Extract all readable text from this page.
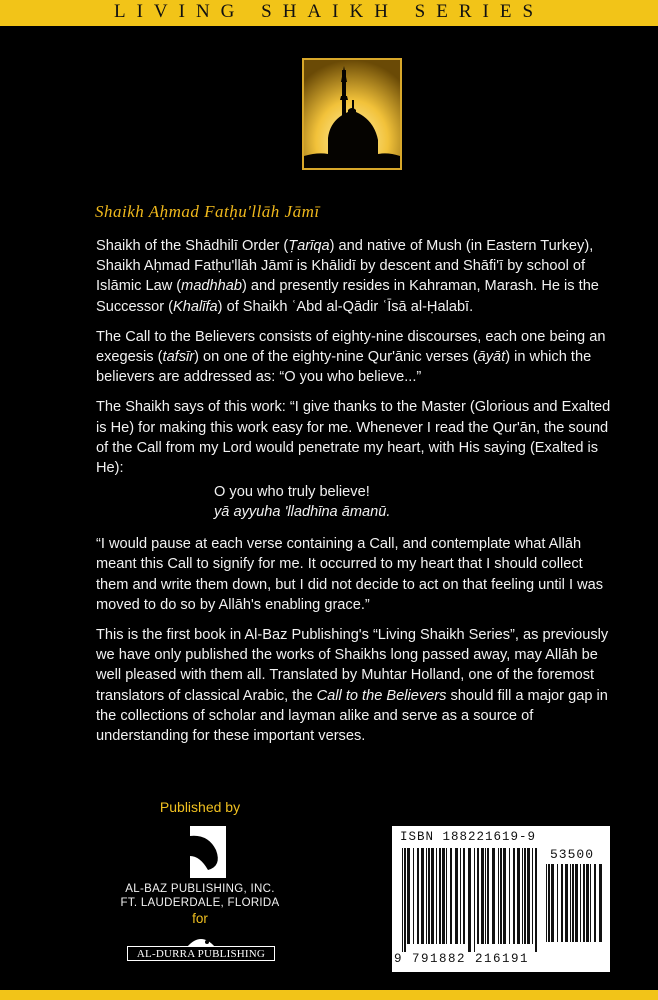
LIVING SHAIKH SERIES
Shaikh Aḥmad Fatḥu'llāh Jāmī

Shaikh of the Shādhilī Order (Ṭarīqa) and native of Mush (in Eastern Turkey), Shaikh Aḥmad Fatḥu'llāh Jāmī is Khālidī by descent and Shāfi'ī by school of Islāmic Law (madhhab) and presently resides in Kahraman, Marash. He is the Successor (Khalīfa) of Shaikh ʿAbd al-Qādir ʿĪsā al-Ḥalabī.

The Call to the Believers consists of eighty-nine discourses, each one being an exegesis (tafsīr) on one of the eighty-nine Qur'ānic verses (āyāt) in which the believers are addressed as: “O you who believe...”

The Shaikh says of this work: “I give thanks to the Master (Glorious and Exalted is He) for making this work easy for me. Whenever I read the Qur'ān, the sound of the Call from my Lord would penetrate my heart, with His saying (Exalted is He):

O you who truly believe!
yā ayyuha 'lladhīna āmanū.

“I would pause at each verse containing a Call, and contemplate what Allāh meant this Call to signify for me. It occurred to my heart that I should collect them and write them down, but I did not decide to act on that feeling until I was moved to do so by Allāh's enabling grace.”

This is the first book in Al-Baz Publishing's “Living Shaikh Series”, as previously we have only published the works of Shaikhs long passed away, may Allāh be well pleased with them all. Translated by Muhtar Holland, one of the foremost translators of classical Arabic, the Call to the Believers should fill a major gap in the collections of scholar and layman alike and serve as a source of understanding for these important verses.

Published by
AL-BAZ PUBLISHING, INC.
FT. LAUDERDALE, FLORIDA
for
AL-DURRA PUBLISHING
ISBN 188221619-9
53500
9 791882 216191
